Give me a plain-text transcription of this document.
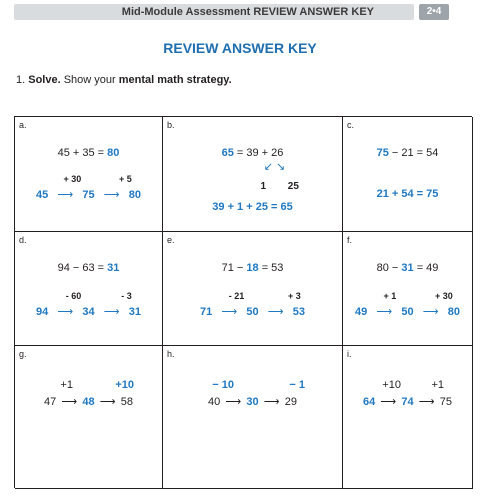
Mid-Module Assessment REVIEW ANSWER KEY	2•4
REVIEW ANSWER KEY
1. Solve. Show your mental math strategy.
a.
45 + 35 = 80
+ 30	+ 5
45 ⟶ 75 ⟶ 80
b.
65 = 39 + 26
↙ ↘
1 25
39 + 1 + 25 = 65
c.
75 − 21 = 54
21 + 54 = 75
d.
94 − 63 = 31
- 60	- 3
94 ⟶ 34 ⟶ 31
e.
71 − 18 = 53
- 21	+ 3
71 ⟶ 50 ⟶ 53
f.
80 − 31 = 49
+ 1	+ 30
49 ⟶ 50 ⟶ 80
g.
+1	+10
47 ⟶ 48 ⟶ 58
h.
− 10	− 1
40 ⟶ 30 ⟶ 29
i.
+10	+1
64 ⟶ 74 ⟶ 75
